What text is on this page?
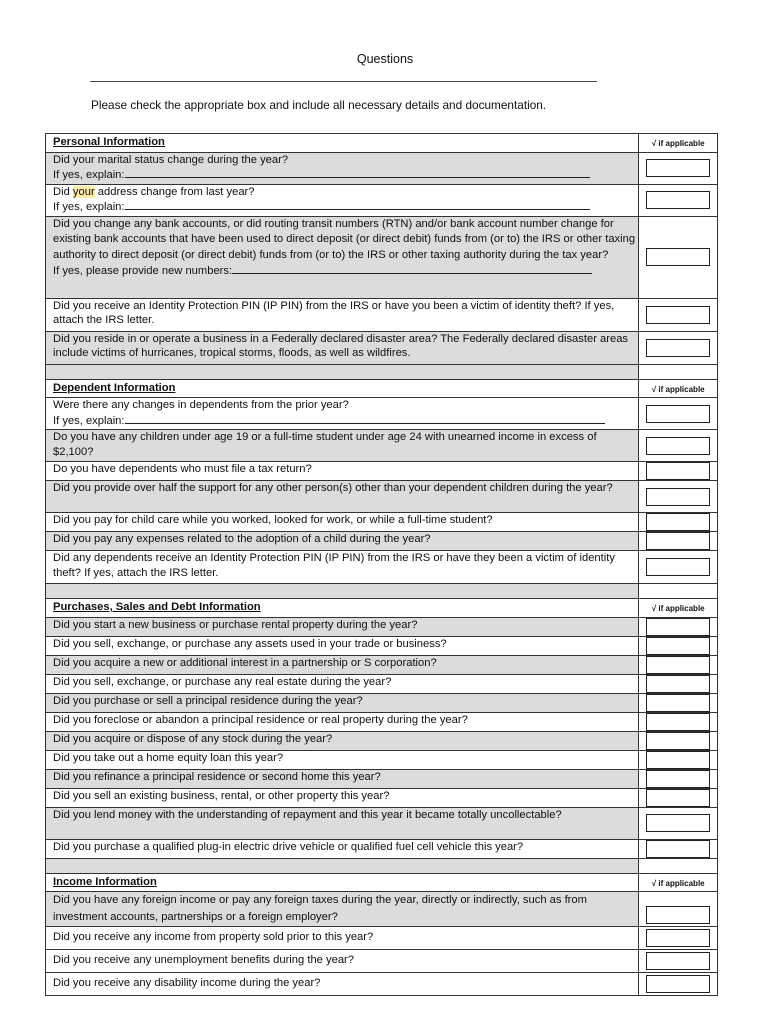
Questions
Please check the appropriate box and include all necessary details and documentation.
Personal Information	√ if applicable

Did your marital status change during the year?
If yes, explain:	

Did your address change from last year?
If yes, explain:	

Did you change any bank accounts, or did routing transit numbers (RTN) and/or bank account number change for existing bank accounts that have been used to direct deposit (or direct debit) funds from (or to) the IRS or other taxing authority to direct deposit (or direct debit) funds from (or to) the IRS or other taxing authority during the tax year?
If yes, please provide new numbers:	

Did you receive an Identity Protection PIN (IP PIN) from the IRS or have you been a victim of identity theft? If yes, attach the IRS letter.	
Did you reside in or operate a business in a Federally declared disaster area? The Federally declared disaster areas include victims of hurricanes, tropical storms, floods, as well as wildfires.	

Dependent Information	√ if applicable

Were there any changes in dependents from the prior year?
If yes, explain:	

Do you have any children under age 19 or a full-time student under age 24 with unearned income in excess of $2,100?	
Do you have dependents who must file a tax return?	
Did you provide over half the support for any other person(s) other than your dependent children during the year?	
Did you pay for child care while you worked, looked for work, or while a full-time student?	
Did you pay any expenses related to the adoption of a child during the year?	
Did any dependents receive an Identity Protection PIN (IP PIN) from the IRS or have they been a victim of identity theft? If yes, attach the IRS letter.	

Purchases, Sales and Debt Information	√ if applicable
Did you start a new business or purchase rental property during the year?	
Did you sell, exchange, or purchase any assets used in your trade or business?	
Did you acquire a new or additional interest in a partnership or S corporation?	
Did you sell, exchange, or purchase any real estate during the year?	
Did you purchase or sell a principal residence during the year?	
Did you foreclose or abandon a principal residence or real property during the year?	
Did you acquire or dispose of any stock during the year?	
Did you take out a home equity loan this year?	
Did you refinance a principal residence or second home this year?	
Did you sell an existing business, rental, or other property this year?	
Did you lend money with the understanding of repayment and this year it became totally uncollectable?	
Did you purchase a qualified plug-in electric drive vehicle or qualified fuel cell vehicle this year?	

Income Information	√ if applicable
Did you have any foreign income or pay any foreign taxes during the year, directly or indirectly, such as from investment accounts, partnerships or a foreign employer?	
Did you receive any income from property sold prior to this year?	
Did you receive any unemployment benefits during the year?	
Did you receive any disability income during the year?	
